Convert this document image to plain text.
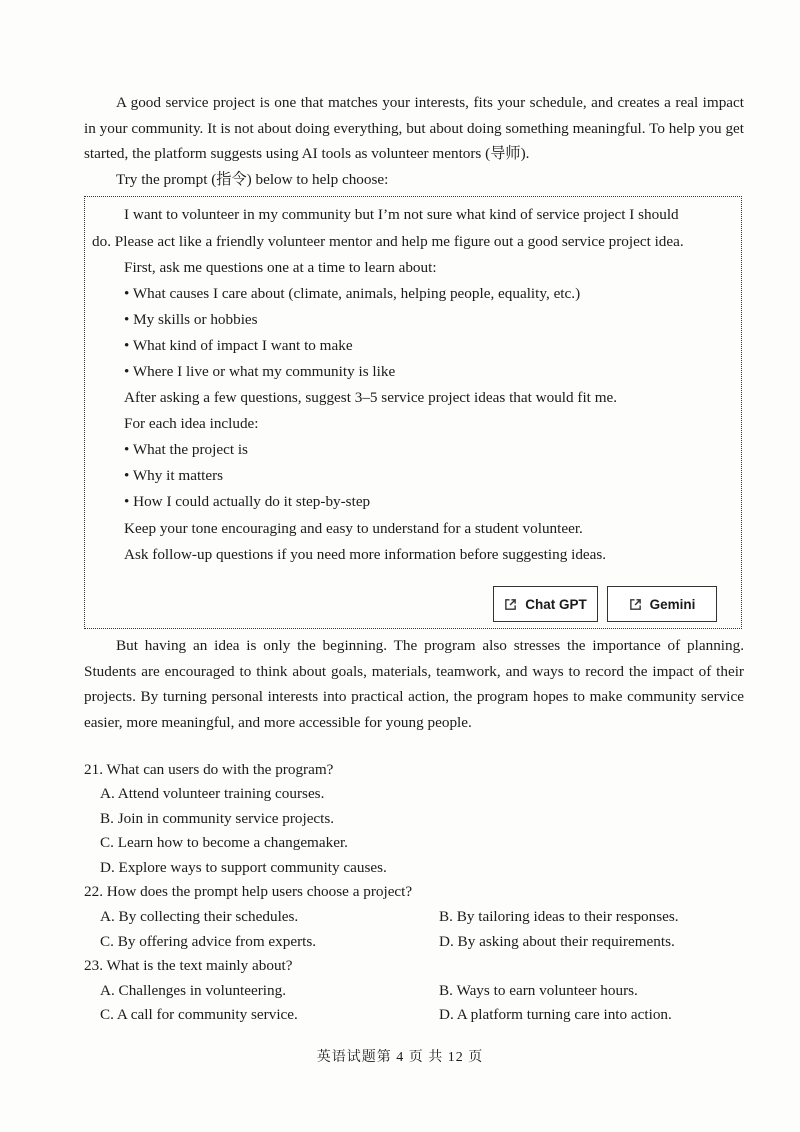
A good service project is one that matches your interests, fits your schedule, and creates a real impact in your community. It is not about doing everything, but about doing something meaningful. To help you get started, the platform suggests using AI tools as volunteer mentors (导师).

Try the prompt (指令) below to help choose:
I want to volunteer in my community but I’m not sure what kind of service project I should
do. Please act like a friendly volunteer mentor and help me figure out a good service project idea.
First, ask me questions one at a time to learn about:
• What causes I care about (climate, animals, helping people, equality, etc.)
• My skills or hobbies
• What kind of impact I want to make
• Where I live or what my community is like
After asking a few questions, suggest 3–5 service project ideas that would fit me.
For each idea include:
• What the project is
• Why it matters
• How I could actually do it step-by-step
Keep your tone encouraging and easy to understand for a student volunteer.
Ask follow-up questions if you need more information before suggesting ideas.
Chat GPT	Gemini

But having an idea is only the beginning. The program also stresses the importance of planning. Students are encouraged to think about goals, materials, teamwork, and ways to record the impact of their projects. By turning personal interests into practical action, the program hopes to make community service easier, more meaningful, and more accessible for young people.

21. What can users do with the program?
A. Attend volunteer training courses.
B. Join in community service projects.
C. Learn how to become a changemaker.
D. Explore ways to support community causes.
22. How does the prompt help users choose a project?
A. By collecting their schedules.	B. By tailoring ideas to their responses.
C. By offering advice from experts.	D. By asking about their requirements.
23. What is the text mainly about?
A. Challenges in volunteering.	B. Ways to earn volunteer hours.
C. A call for community service.	D. A platform turning care into action.
英语试题第 4 页 共 12 页
